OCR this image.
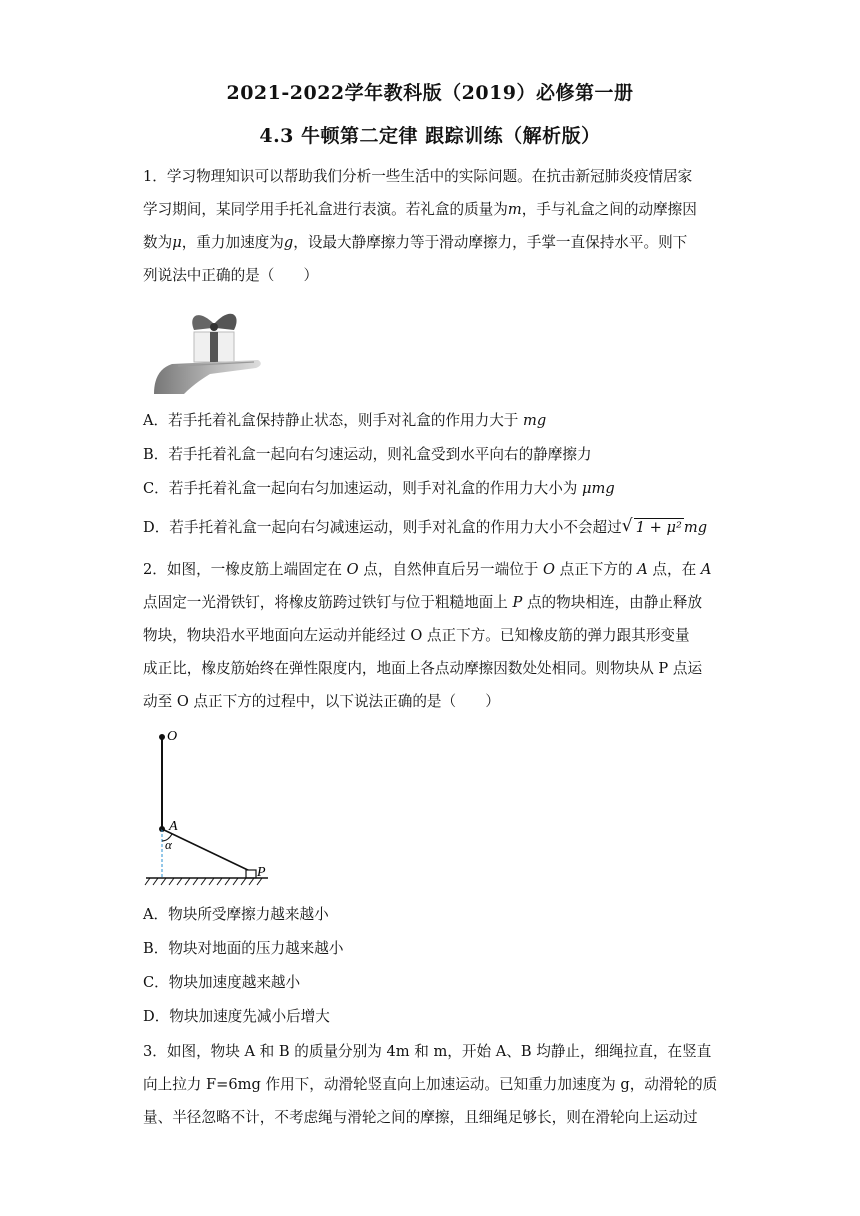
2021-2022学年教科版（2019）必修第一册
4.3 牛顿第二定律 跟踪训练（解析版）
1．学习物理知识可以帮助我们分析一些生活中的实际问题。在抗击新冠肺炎疫情居家
学习期间，某同学用手托礼盒进行表演。若礼盒的质量为m，手与礼盒之间的动摩擦因
数为μ，重力加速度为g，设最大静摩擦力等于滑动摩擦力，手掌一直保持水平。则下
列说法中正确的是（　　）
A．若手托着礼盒保持静止状态，则手对礼盒的作用力大于 mg
B．若手托着礼盒一起向右匀速运动，则礼盒受到水平向右的静摩擦力
C．若手托着礼盒一起向右匀加速运动，则手对礼盒的作用力大小为 μmg
D．若手托着礼盒一起向右匀减速运动，则手对礼盒的作用力大小不会超过 √ 1 + μ² mg
2．如图，一橡皮筋上端固定在 O 点，自然伸直后另一端位于 O 点正下方的 A 点，在 A
点固定一光滑铁钉，将橡皮筋跨过铁钉与位于粗糙地面上 P 点的物块相连，由静止释放
物块，物块沿水平地面向左运动并能经过 O 点正下方。已知橡皮筋的弹力跟其形变量
成正比，橡皮筋始终在弹性限度内，地面上各点动摩擦因数处处相同。则物块从 P 点运
动至 O 点正下方的过程中，以下说法正确的是（　　）
O
A
α
P
A．物块所受摩擦力越来越小
B．物块对地面的压力越来越小
C．物块加速度越来越小
D．物块加速度先减小后增大
3．如图，物块 A 和 B 的质量分别为 4m 和 m，开始 A、B 均静止，细绳拉直，在竖直
向上拉力 F=6mg 作用下，动滑轮竖直向上加速运动。已知重力加速度为 g，动滑轮的质
量、半径忽略不计，不考虑绳与滑轮之间的摩擦，且细绳足够长，则在滑轮向上运动过
